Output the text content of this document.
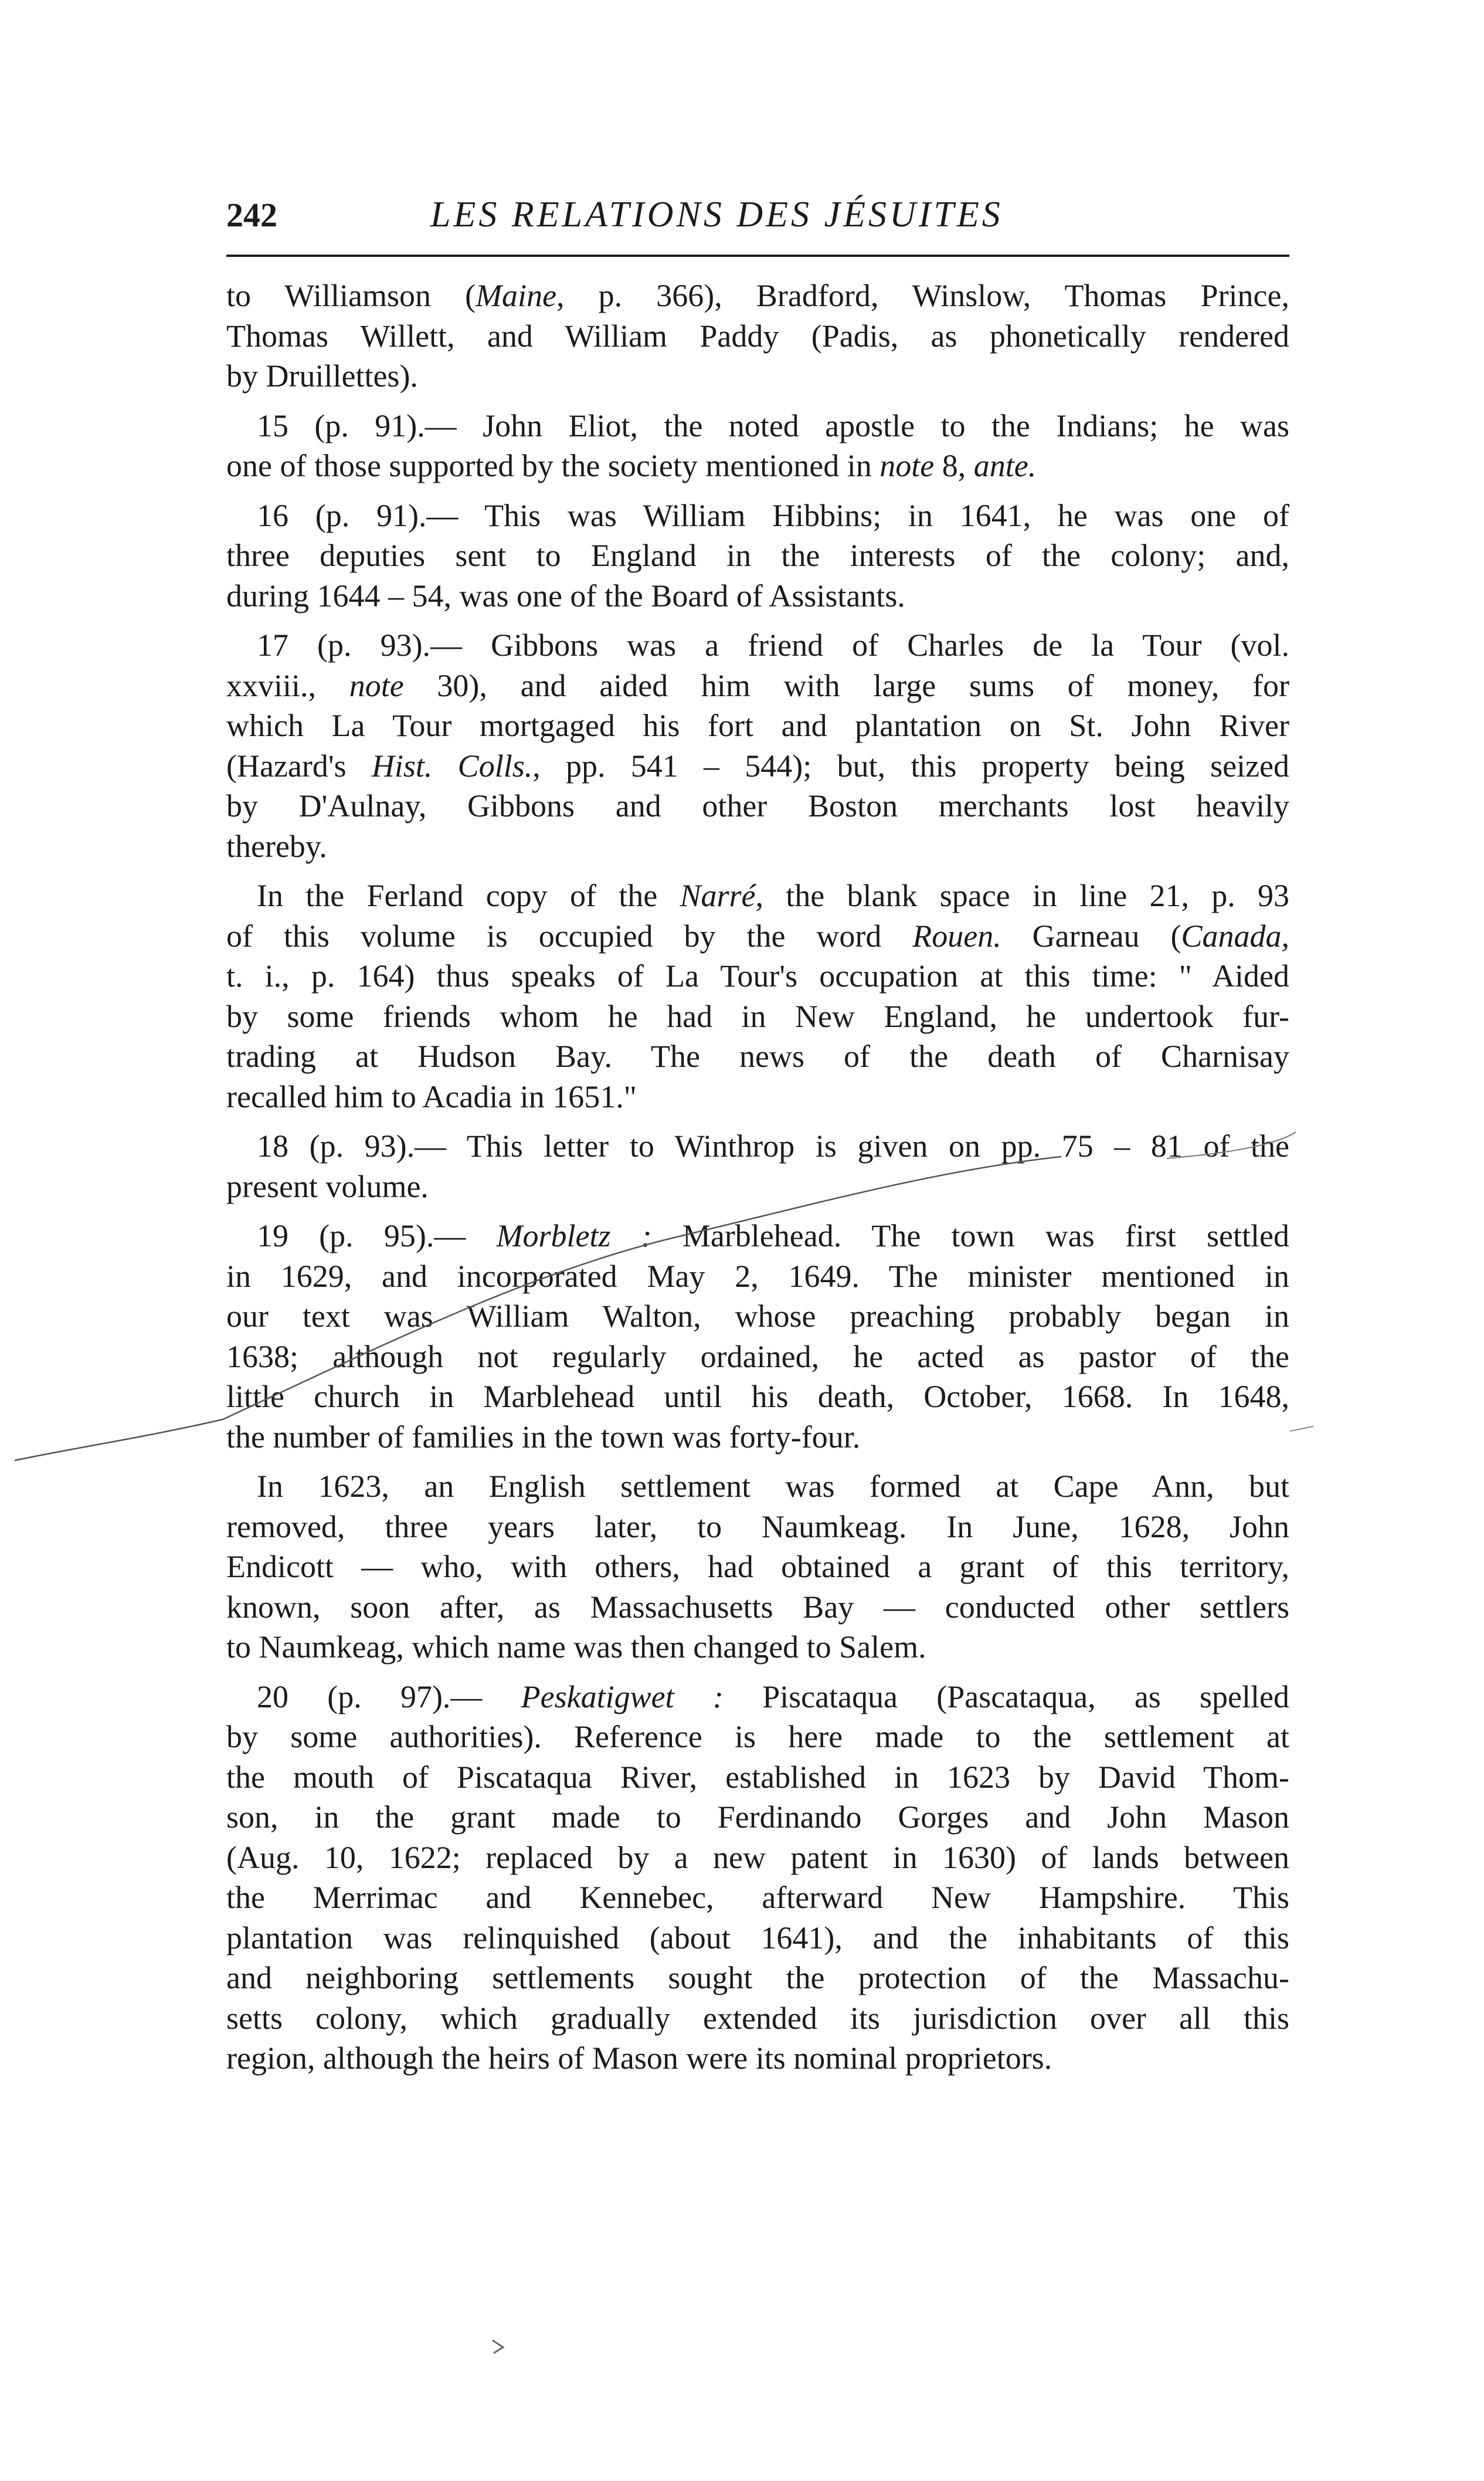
242	LES RELATIONS DES JÉSUITES
to Williamson (Maine, p. 366), Bradford, Winslow, Thomas Prince,
Thomas Willett, and William Paddy (Padis, as phonetically rendered
by Druillettes).
15 (p. 91).— John Eliot, the noted apostle to the Indians; he was
one of those supported by the society mentioned in note 8, ante.
16 (p. 91).— This was William Hibbins; in 1641, he was one of
three deputies sent to England in the interests of the colony; and,
during 1644 – 54, was one of the Board of Assistants.
17 (p. 93).— Gibbons was a friend of Charles de la Tour (vol.
xxviii., note 30), and aided him with large sums of money, for
which La Tour mortgaged his fort and plantation on St. John River
(Hazard's Hist. Colls., pp. 541 – 544); but, this property being seized
by D'Aulnay, Gibbons and other Boston merchants lost heavily
thereby.
In the Ferland copy of the Narré, the blank space in line 21, p. 93
of this volume is occupied by the word Rouen. Garneau (Canada,
t. i., p. 164) thus speaks of La Tour's occupation at this time: " Aided
by some friends whom he had in New England, he undertook fur-
trading at Hudson Bay. The news of the death of Charnisay
recalled him to Acadia in 1651."
18 (p. 93).— This letter to Winthrop is given on pp. 75 – 81 of the
present volume.
19 (p. 95).— Morbletz : Marblehead. The town was first settled
in 1629, and incorporated May 2, 1649. The minister mentioned in
our text was William Walton, whose preaching probably began in
1638; although not regularly ordained, he acted as pastor of the
little church in Marblehead until his death, October, 1668. In 1648,
the number of families in the town was forty-four.
In 1623, an English settlement was formed at Cape Ann, but
removed, three years later, to Naumkeag. In June, 1628, John
Endicott — who, with others, had obtained a grant of this territory,
known, soon after, as Massachusetts Bay — conducted other settlers
to Naumkeag, which name was then changed to Salem.
20 (p. 97).— Peskatigwet : Piscataqua (Pascataqua, as spelled
by some authorities). Reference is here made to the settlement at
the mouth of Piscataqua River, established in 1623 by David Thom-
son, in the grant made to Ferdinando Gorges and John Mason
(Aug. 10, 1622; replaced by a new patent in 1630) of lands between
the Merrimac and Kennebec, afterward New Hampshire. This
plantation was relinquished (about 1641), and the inhabitants of this
and neighboring settlements sought the protection of the Massachu-
setts colony, which gradually extended its jurisdiction over all this
region, although the heirs of Mason were its nominal proprietors.
